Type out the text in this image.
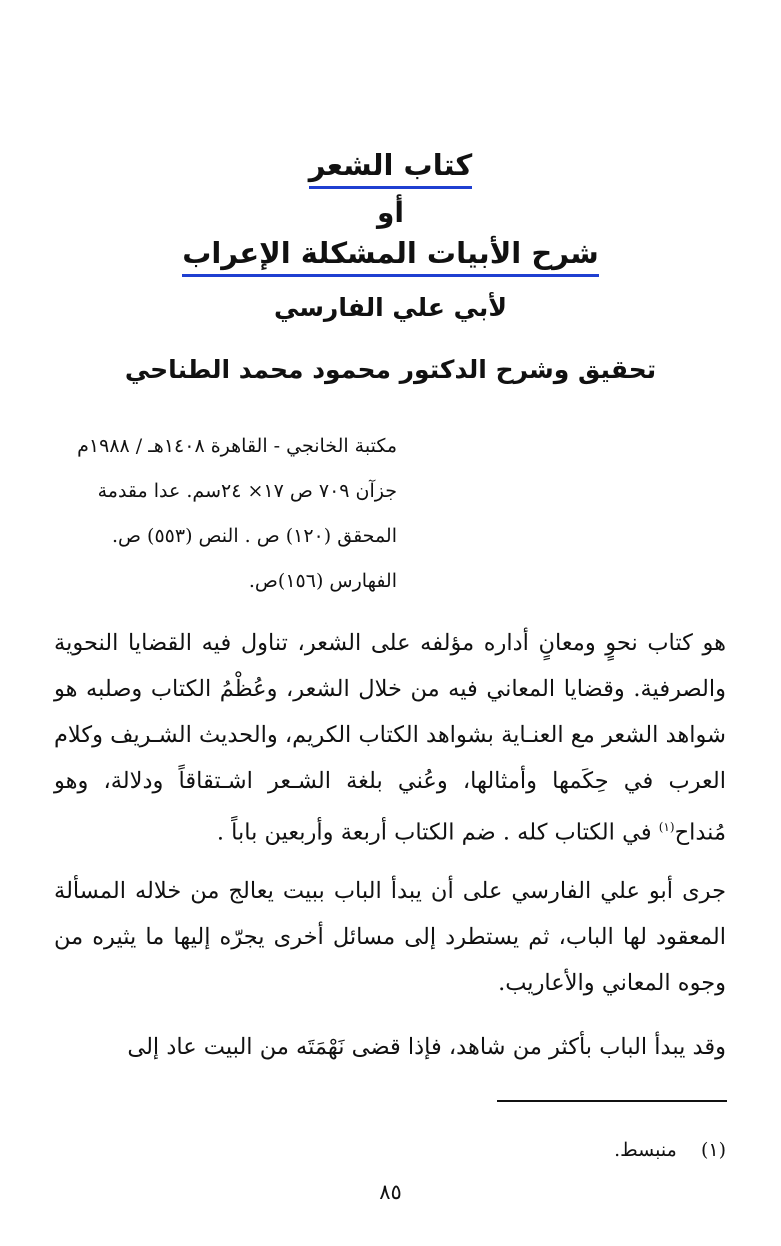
كتاب الشعر
أو
شرح الأبيات المشكلة الإعراب
لأبي علي الفارسي
تحقيق وشرح الدكتور محمود محمد الطناحي
مكتبة الخانجي - القاهرة ١٤٠٨هـ / ١٩٨٨م
جزآن ٧٠٩ ص ١٧× ٢٤سم. عدا مقدمة
المحقق (١٢٠) ص . النص (٥٥٣) ص.
الفهارس (١٥٦)ص.
هو كتاب نحوٍ ومعانٍ أداره مؤلفه على الشعر، تناول فيه القضايا النحوية والصرفية. وقضايا المعاني فيه من خلال الشعر، وعُظْمُ الكتاب وصلبه هو شواهد الشعر مع العنـاية بشواهد الكتاب الكريم، والحديث الشـريف وكلام العرب في حِكَمها وأمثالها، وعُني بلغة الشـعر اشـتقاقاً ودلالة، وهو مُنداح$^{(١)}$ في الكتاب كله . ضم الكتاب أربعة وأربعين باباً .
جرى أبو علي الفارسي على أن يبدأ الباب ببيت يعالج من خلاله المسألة المعقود لها الباب، ثم يستطرد إلى مسائل أخرى يجرّه إليها ما يثيره من وجوه المعاني والأعاريب.
وقد يبدأ الباب بأكثر من شاهد، فإذا قضى نَهْمَتَه من البيت عاد إلى
(١)    منبسط.
٨٥
